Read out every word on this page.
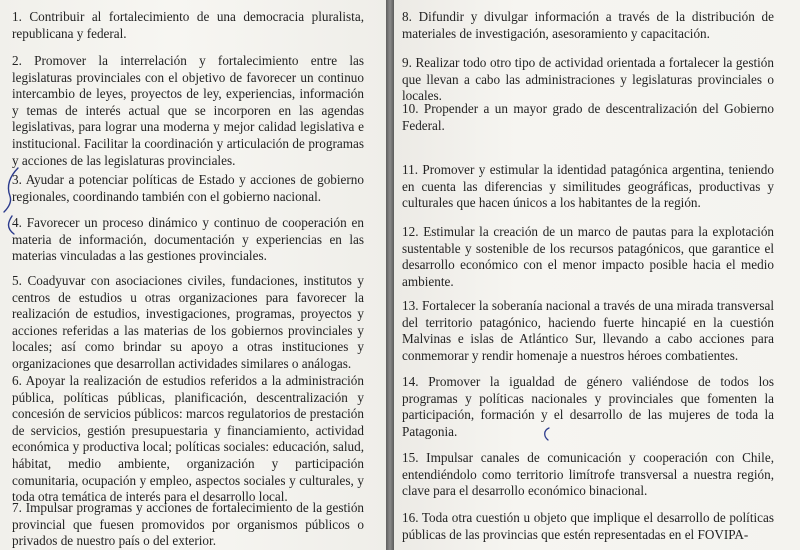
1. Contribuir al fortalecimiento de una democracia pluralista, republicana y federal.
2. Promover la interrelación y fortalecimiento entre las legislaturas provinciales con el objetivo de favorecer un continuo intercambio de leyes, proyectos de ley, experiencias, información y temas de interés actual que se incorporen en las agendas legislativas, para lograr una moderna y mejor calidad legislativa e institucional. Facilitar la coordinación y articulación de programas y acciones de las legislaturas provinciales.
3. Ayudar a potenciar políticas de Estado y acciones de gobierno regionales, coordinando también con el gobierno nacional.
4. Favorecer un proceso dinámico y continuo de cooperación en materia de información, documentación y experiencias en las materias vinculadas a las gestiones provinciales.
5. Coadyuvar con asociaciones civiles, fundaciones, institutos y centros de estudios u otras organizaciones para favorecer la realización de estudios, investigaciones, programas, proyectos y acciones referidas a las materias de los gobiernos provinciales y locales; así como brindar su apoyo a otras instituciones y organizaciones que desarrollan actividades similares o análogas.
6. Apoyar la realización de estudios referidos a la administración pública, políticas públicas, planificación, descentralización y concesión de servicios públicos: marcos regulatorios de prestación de servicios, gestión presupuestaria y financiamiento, actividad económica y productiva local; políticas sociales: educación, salud, hábitat, medio ambiente, organización y participación comunitaria, ocupación y empleo, aspectos sociales y culturales, y toda otra temática de interés para el desarrollo local.
7. Impulsar programas y acciones de fortalecimiento de la gestión provincial que fuesen promovidos por organismos públicos o privados de nuestro país o del exterior.
8. Difundir y divulgar información a través de la distribución de materiales de investigación, asesoramiento y capacitación.
9. Realizar todo otro tipo de actividad orientada a fortalecer la gestión que llevan a cabo las administraciones y legislaturas provinciales o locales.
10. Propender a un mayor grado de descentralización del Gobierno Federal.
11. Promover y estimular la identidad patagónica argentina, teniendo en cuenta las diferencias y similitudes geográficas, productivas y culturales que hacen únicos a los habitantes de la región.
12. Estimular la creación de un marco de pautas para la explotación sustentable y sostenible de los recursos patagónicos, que garantice el desarrollo económico con el menor impacto posible hacia el medio ambiente.
13. Fortalecer la soberanía nacional a través de una mirada transversal del territorio patagónico, haciendo fuerte hincapié en la cuestión Malvinas e islas de Atlántico Sur, llevando a cabo acciones para conmemorar y rendir homenaje a nuestros héroes combatientes.
14. Promover la igualdad de género valiéndose de todos los programas y políticas nacionales y provinciales que fomenten la participación, formación y el desarrollo de las mujeres de toda la Patagonia.
15. Impulsar canales de comunicación y cooperación con Chile, entendiéndolo como territorio limítrofe transversal a nuestra región, clave para el desarrollo económico binacional.
16. Toda otra cuestión u objeto que implique el desarrollo de políticas públicas de las provincias que estén representadas en el FOVIPA-
